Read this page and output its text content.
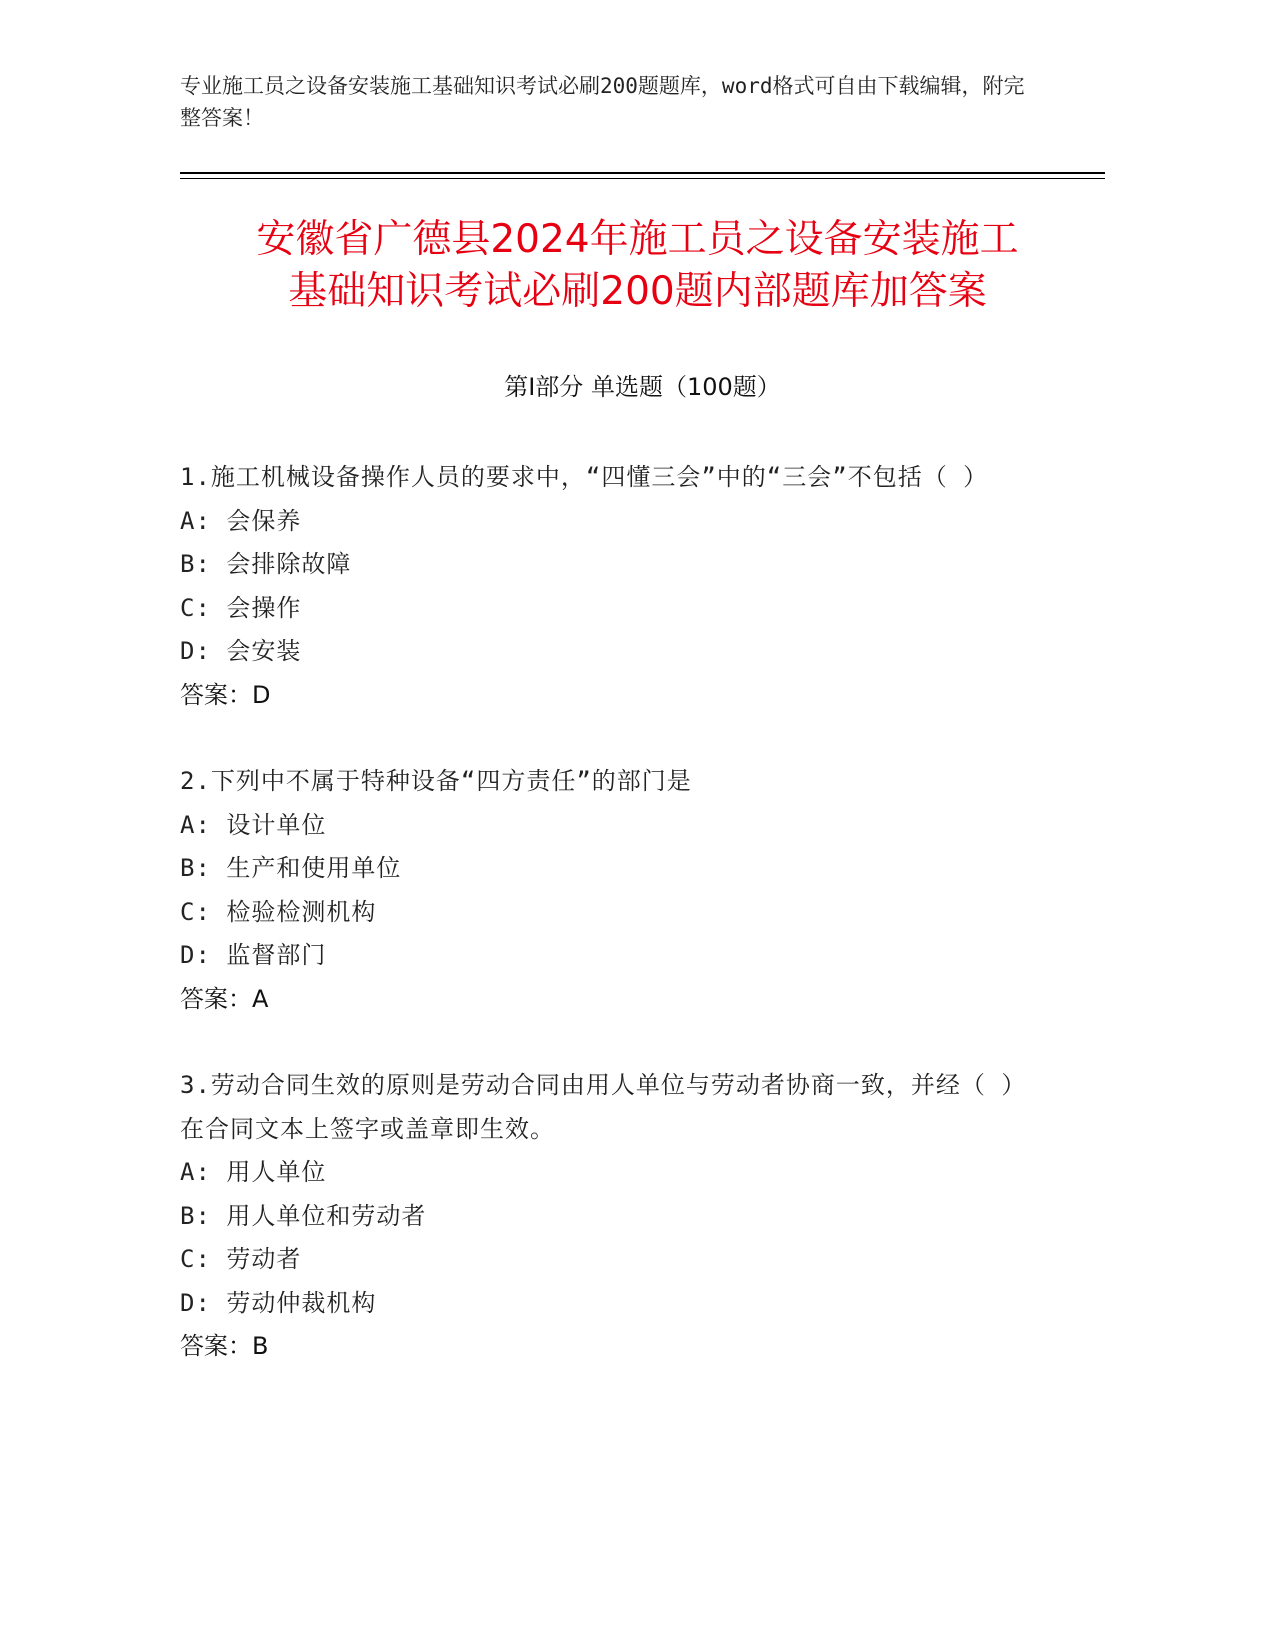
专业施工员之设备安装施工基础知识考试必刷200题题库，word格式可自由下载编辑，附完整答案！
安徽省广德县2024年施工员之设备安装施工
基础知识考试必刷200题内部题库加答案
第Ⅰ部分 单选题（100题）
1.施工机械设备操作人员的要求中，“四懂三会”中的“三会”不包括（ ）
A: 会保养
B: 会排除故障
C: 会操作
D: 会安装
答案：D
2.下列中不属于特种设备“四方责任”的部门是
A: 设计单位
B: 生产和使用单位
C: 检验检测机构
D: 监督部门
答案：A
3.劳动合同生效的原则是劳动合同由用人单位与劳动者协商一致，并经（ ）在合同文本上签字或盖章即生效。
A: 用人单位
B: 用人单位和劳动者
C: 劳动者
D: 劳动仲裁机构
答案：B
